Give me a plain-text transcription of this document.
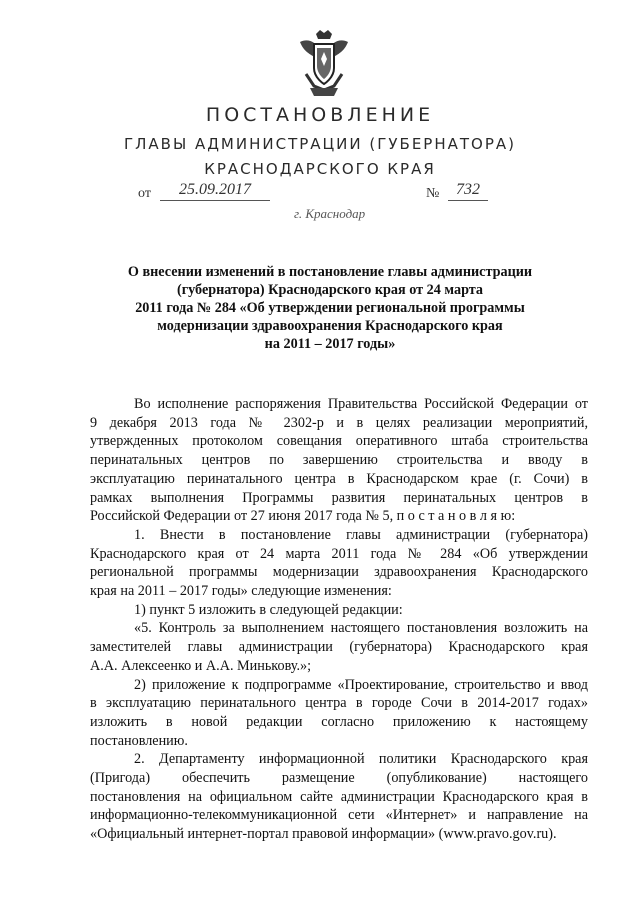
ПОСТАНОВЛЕНИЕ
ГЛАВЫ АДМИНИСТРАЦИИ (ГУБЕРНАТОРА)
КРАСНОДАРСКОГО КРАЯ
от	25.09.2017	№	732
г. Краснодар
О внесении изменений в постановление главы администрации
(губернатора) Краснодарского края от 24 марта
2011 года № 284 «Об утверждении региональной программы
модернизации здравоохранения Краснодарского края
на 2011 – 2017 годы»

Во исполнение распоряжения Правительства Российской Федерации от

9 декабря 2013 года № 2302-р и в целях реализации мероприятий,

утвержденных протоколом совещания оперативного штаба строительства

перинатальных центров по завершению строительства и вводу в

эксплуатацию перинатального центра в Краснодарском крае (г. Сочи) в

рамках выполнения Программы развития перинатальных центров в

Российской Федерации от 27 июня 2017 года № 5, п о с т а н о в л я ю:

1. Внести в постановление главы администрации (губернатора)

Краснодарского края от 24 марта 2011 года № 284 «Об утверждении

региональной программы модернизации здравоохранения Краснодарского

края на 2011 – 2017 годы» следующие изменения:

1) пункт 5 изложить в следующей редакции:

«5. Контроль за выполнением настоящего постановления возложить на

заместителей главы администрации (губернатора) Краснодарского края

А.А. Алексеенко и А.А. Минькову.»;

2) приложение к подпрограмме «Проектирование, строительство и ввод

в эксплуатацию перинатального центра в городе Сочи в 2014-2017 годах»

изложить в новой редакции согласно приложению к настоящему

постановлению.

2. Департаменту информационной политики Краснодарского края

(Пригода) обеспечить размещение (опубликование) настоящего

постановления на официальном сайте администрации Краснодарского края в

информационно-телекоммуникационной сети «Интернет» и направление на

«Официальный интернет-портал правовой информации» (www.pravo.gov.ru).
